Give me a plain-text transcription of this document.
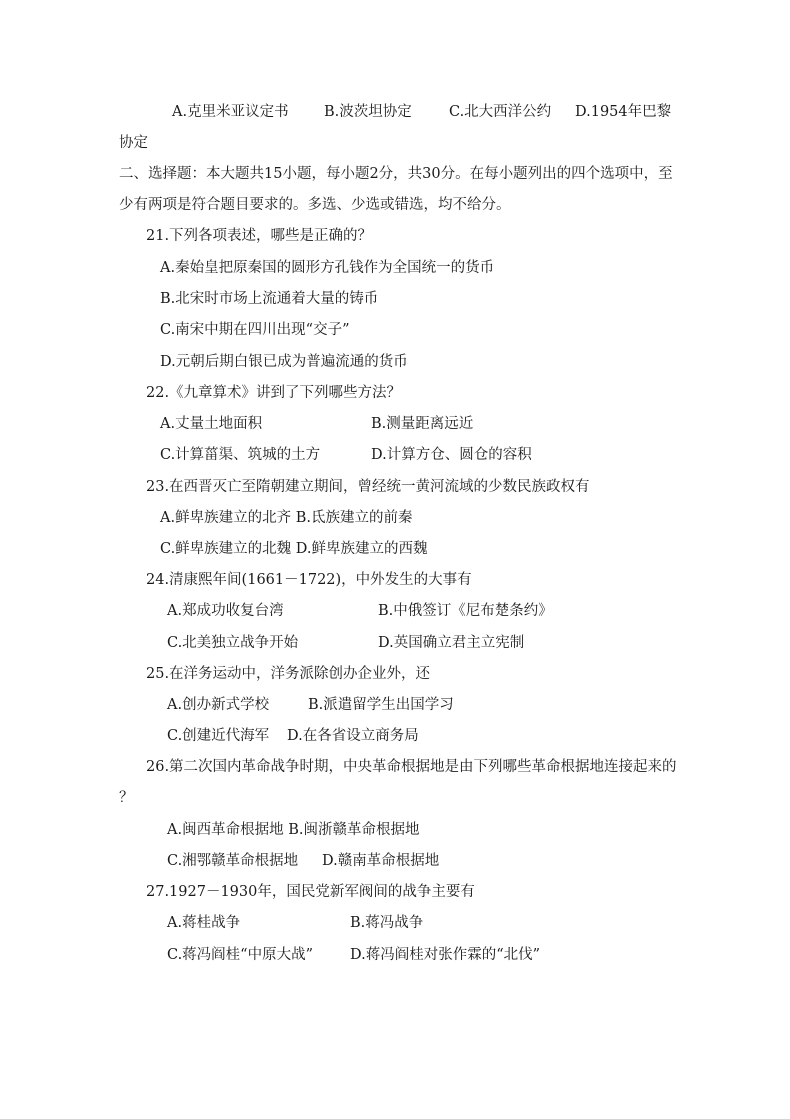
A.克里米亚议定书 B.波茨坦协定	C.北大西洋公约 D.1954年巴黎
协定
二、选择题：本大题共15小题，每小题2分，共30分。在每小题列出的四个选项中，至
少有两项是符合题目要求的。多选、少选或错选，均不给分。
21.下列各项表述，哪些是正确的？
A.秦始皇把原秦国的圆形方孔钱作为全国统一的货币
B.北宋时市场上流通着大量的铸币
C.南宋中期在四川出现“交子”
D.元朝后期白银已成为普遍流通的货币
22.《九章算术》讲到了下列哪些方法？
A.丈量土地面积	B.测量距离远近
C.计算菑渠、筑城的土方	D.计算方仓、圆仓的容积
23.在西晋灭亡至隋朝建立期间，曾经统一黄河流域的少数民族政权有
A.鲜卑族建立的北齐 B.氐族建立的前秦
C.鲜卑族建立的北魏 D.鲜卑族建立的西魏
24.清康熙年间(1661－1722)，中外发生的大事有
A.郑成功收复台湾	B.中俄签订《尼布楚条约》
C.北美独立战争开始	D.英国确立君主立宪制
25.在洋务运动中，洋务派除创办企业外，还
A.创办新式学校	B.派遣留学生出国学习
C.创建近代海军 D.在各省设立商务局
26.第二次国内革命战争时期，中央革命根据地是由下列哪些革命根据地连接起来的
？
A.闽西革命根据地 B.闽浙赣革命根据地
C.湘鄂赣革命根据地 D.赣南革命根据地
27.1927－1930年，国民党新军阀间的战争主要有
A.蒋桂战争	B.蒋冯战争
C.蒋冯阎桂“中原大战”	D.蒋冯阎桂对张作霖的“北伐”
